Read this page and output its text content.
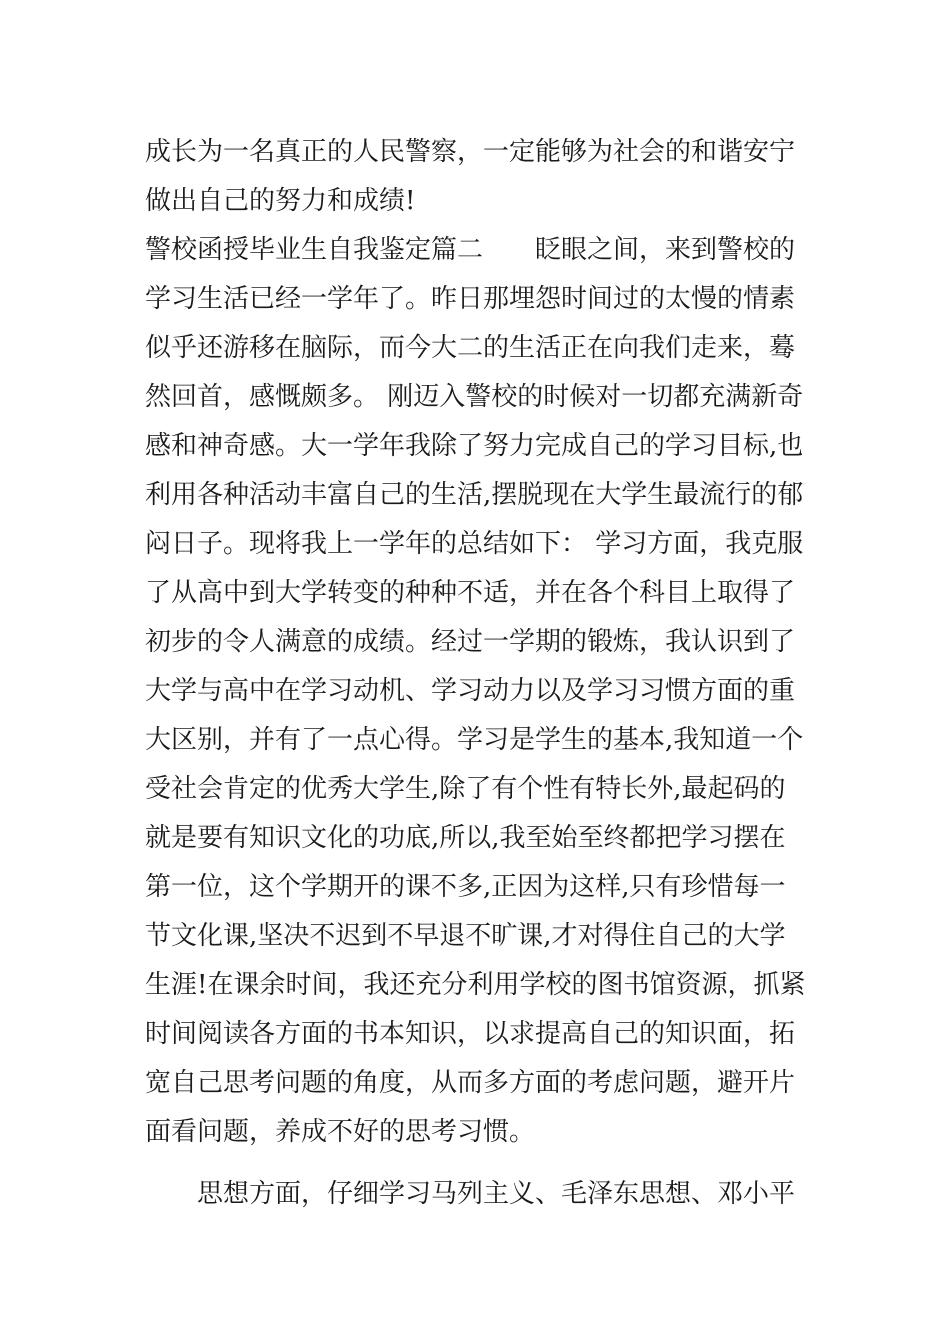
成长为一名真正的人民警察，一定能够为社会的和谐安宁
做出自己的努力和成绩!
警校函授毕业生自我鉴定篇二　　眨眼之间，来到警校的
学习生活已经一学年了。昨日那埋怨时间过的太慢的情素
似乎还游移在脑际，而今大二的生活正在向我们走来，蓦
然回首，感慨颇多。 刚迈入警校的时候对一切都充满新奇
感和神奇感。大一学年我除了努力完成自己的学习目标,也
利用各种活动丰富自己的生活,摆脱现在大学生最流行的郁
闷日子。现将我上一学年的总结如下： 学习方面，我克服
了从高中到大学转变的种种不适，并在各个科目上取得了
初步的令人满意的成绩。经过一学期的锻炼，我认识到了
大学与高中在学习动机、学习动力以及学习习惯方面的重
大区别，并有了一点心得。学习是学生的基本,我知道一个
受社会肯定的优秀大学生,除了有个性有特长外,最起码的
就是要有知识文化的功底,所以,我至始至终都把学习摆在
第一位，这个学期开的课不多,正因为这样,只有珍惜每一
节文化课,坚决不迟到不早退不旷课,才对得住自己的大学
生涯!在课余时间，我还充分利用学校的图书馆资源，抓紧
时间阅读各方面的书本知识，以求提高自己的知识面，拓
宽自己思考问题的角度，从而多方面的考虑问题，避开片
面看问题，养成不好的思考习惯。
　　思想方面，仔细学习马列主义、毛泽东思想、邓小平
